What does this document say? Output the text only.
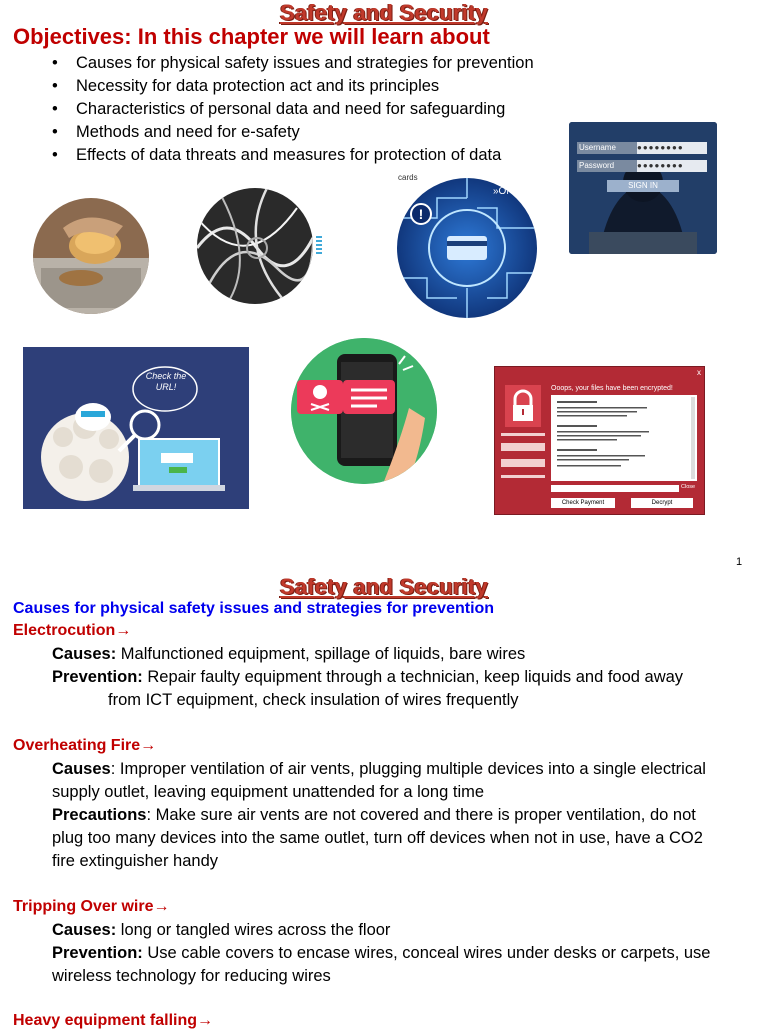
Safety and Security
Objectives: In this chapter we will learn about
• Causes for physical safety issues and strategies for prevention
• Necessity for data protection act and its principles
• Characteristics of personal data and need for safeguarding
• Methods and need for e-safety
• Effects of data threats and measures for protection of data
cards
!
»ON
Username	●●●●●●●●
Password	●●●●●●●●
SIGN IN
Check the URL!
x
Ooops, your files have been encrypted!
Close
Check Payment	Decrypt
1
Safety and Security
Causes for physical safety issues and strategies for prevention
Electrocution→
Causes: Malfunctioned equipment, spillage of liquids, bare wires
Prevention: Repair faulty equipment through a technician, keep liquids and food away
from ICT equipment, check insulation of wires frequently
Overheating Fire→
Causes: Improper ventilation of air vents, plugging multiple devices into a single electrical
supply outlet, leaving equipment unattended for a long time
Precautions: Make sure air vents are not covered and there is proper ventilation, do not
plug too many devices into the same outlet, turn off devices when not in use, have a CO2
fire extinguisher handy
Tripping Over wire→
Causes: long or tangled wires across the floor
Prevention: Use cable covers to encase wires, conceal wires under desks or carpets, use
wireless technology for reducing wires
Heavy equipment falling→
